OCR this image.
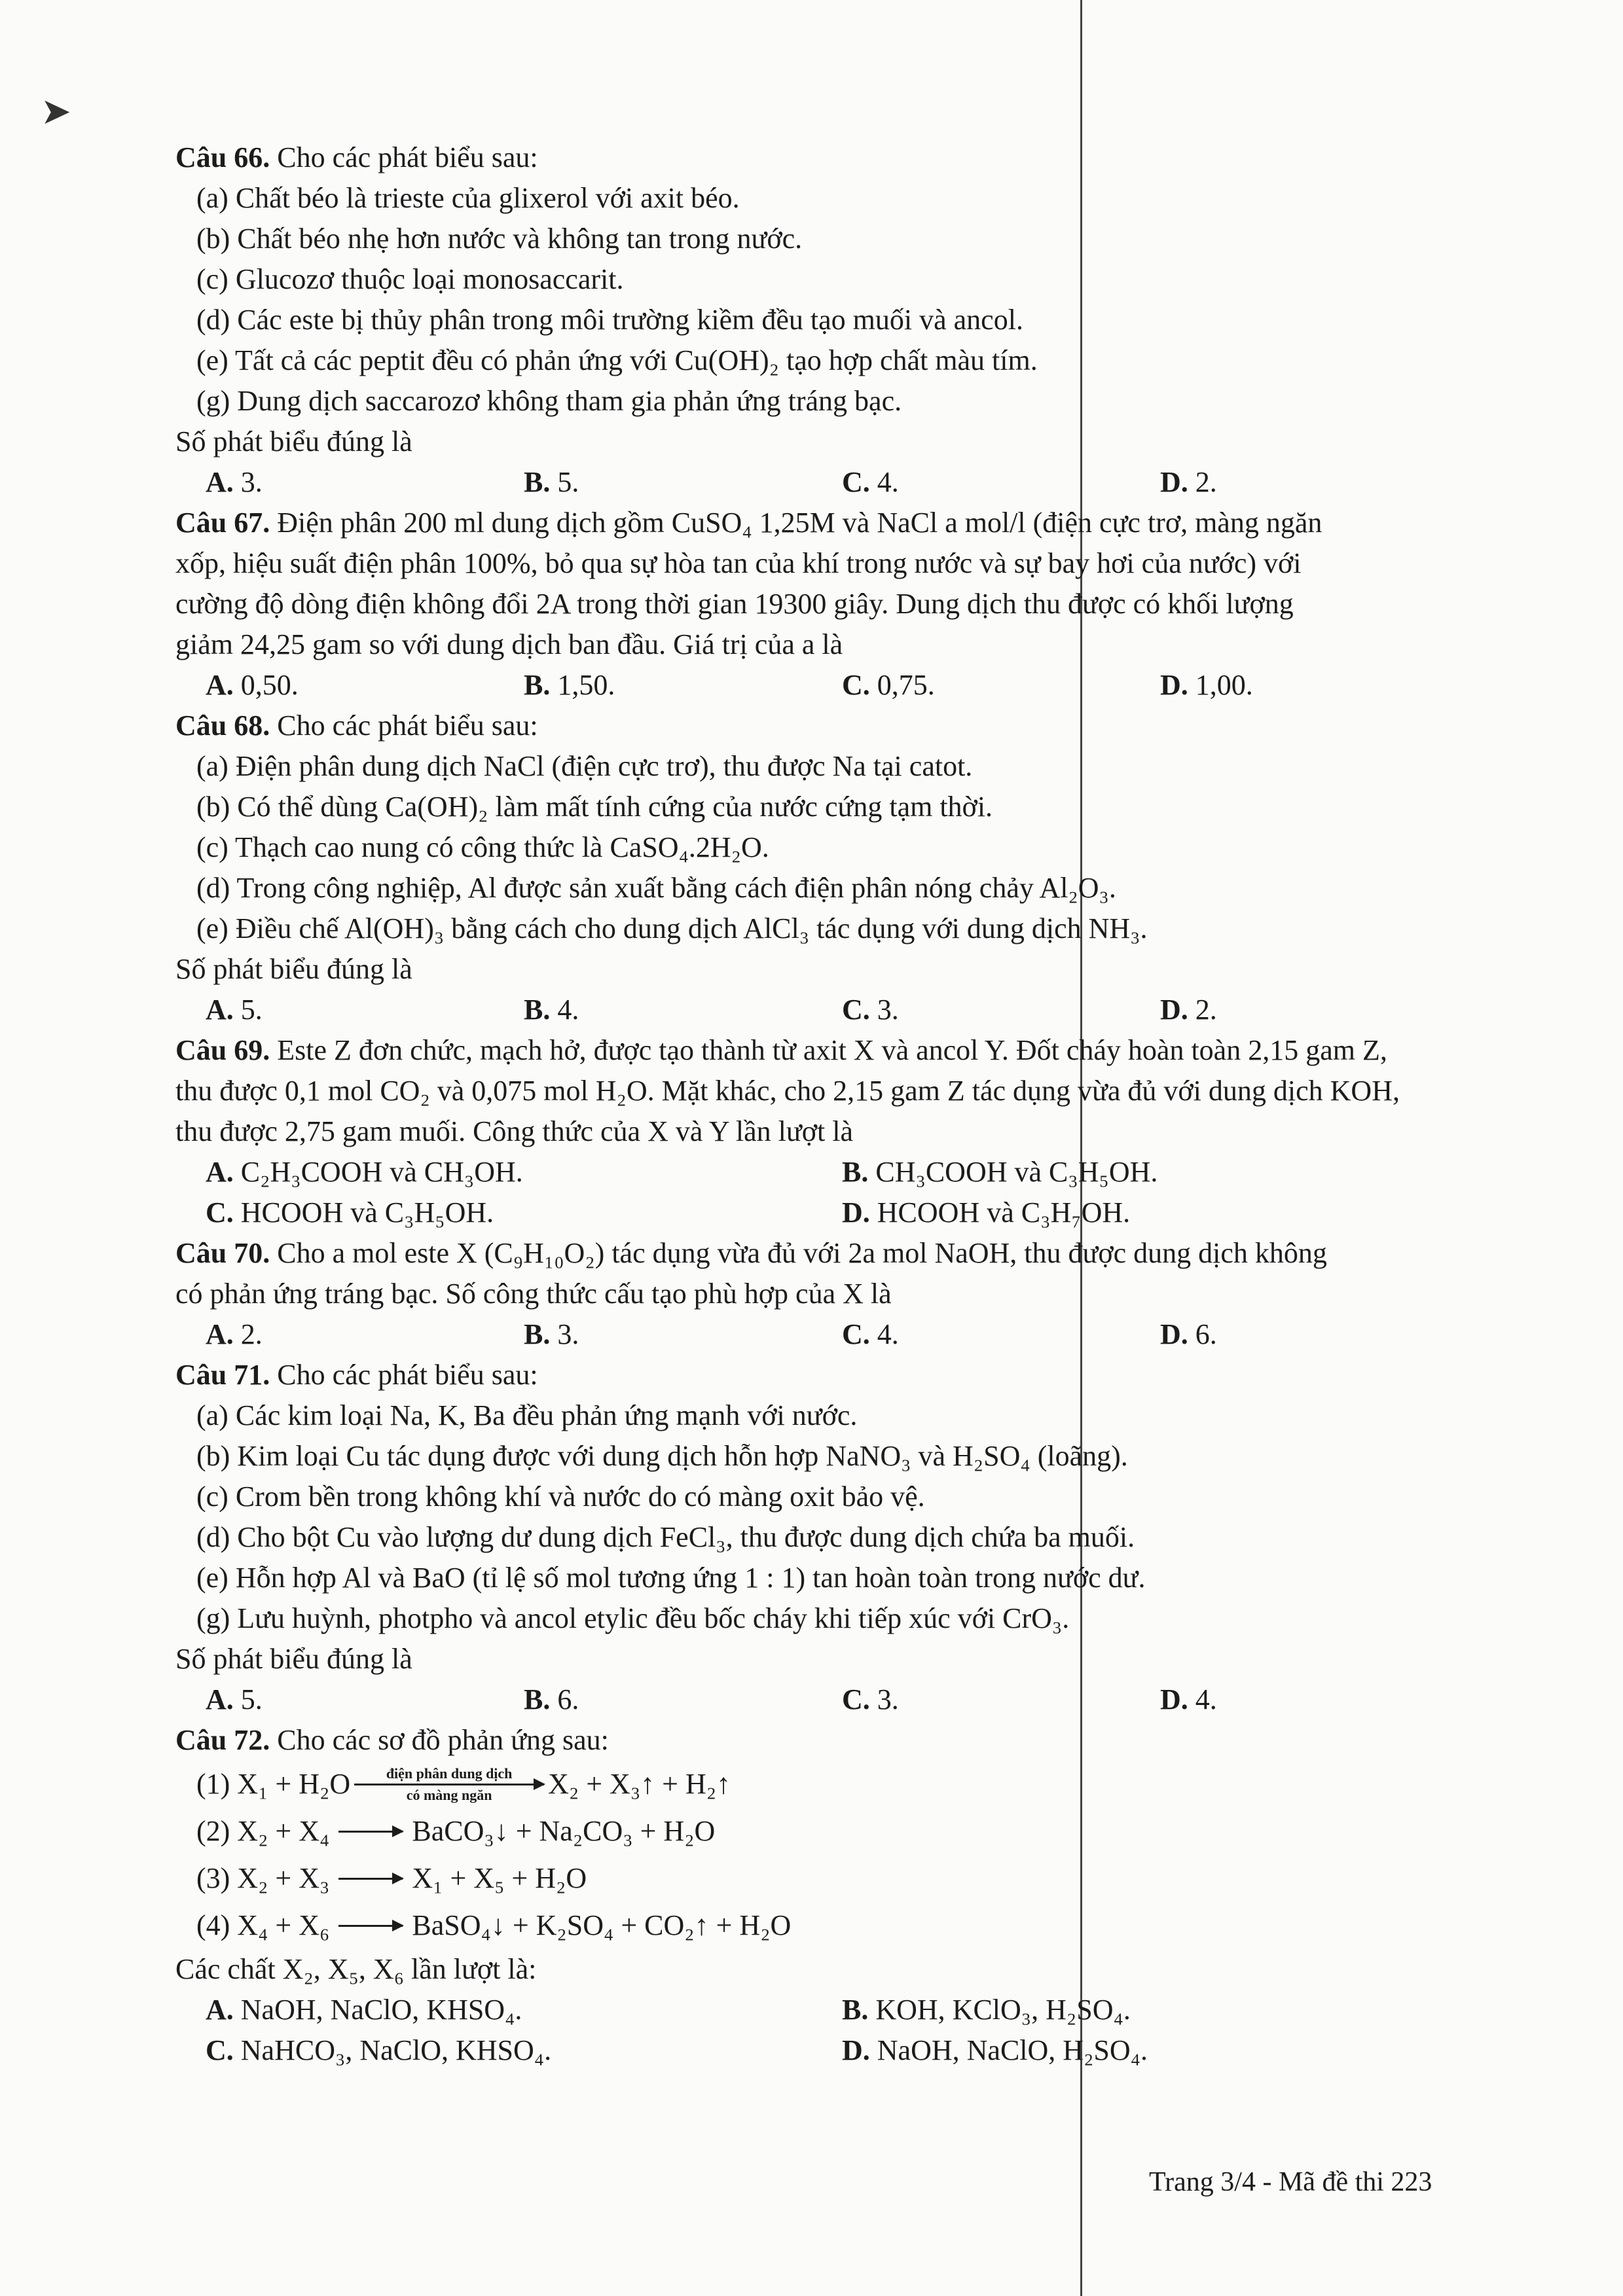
➤
Câu 66. Cho các phát biểu sau:
(a) Chất béo là trieste của glixerol với axit béo.
(b) Chất béo nhẹ hơn nước và không tan trong nước.
(c) Glucozơ thuộc loại monosaccarit.
(d) Các este bị thủy phân trong môi trường kiềm đều tạo muối và ancol.
(e) Tất cả các peptit đều có phản ứng với Cu(OH)₂ tạo hợp chất màu tím.
(g) Dung dịch saccarozơ không tham gia phản ứng tráng bạc.
Số phát biểu đúng là
A. 3.	B. 5.	C. 4.	D. 2.
Câu 67. Điện phân 200 ml dung dịch gồm CuSO₄ 1,25M và NaCl a mol/l (điện cực trơ, màng ngăn
xốp, hiệu suất điện phân 100%, bỏ qua sự hòa tan của khí trong nước và sự bay hơi của nước) với
cường độ dòng điện không đổi 2A trong thời gian 19300 giây. Dung dịch thu được có khối lượng
giảm 24,25 gam so với dung dịch ban đầu. Giá trị của a là
A. 0,50.	B. 1,50.	C. 0,75.	D. 1,00.
Câu 68. Cho các phát biểu sau:
(a) Điện phân dung dịch NaCl (điện cực trơ), thu được Na tại catot.
(b) Có thể dùng Ca(OH)₂ làm mất tính cứng của nước cứng tạm thời.
(c) Thạch cao nung có công thức là CaSO₄.2H₂O.
(d) Trong công nghiệp, Al được sản xuất bằng cách điện phân nóng chảy Al₂O₃.
(e) Điều chế Al(OH)₃ bằng cách cho dung dịch AlCl₃ tác dụng với dung dịch NH₃.
Số phát biểu đúng là
A. 5.	B. 4.	C. 3.	D. 2.
Câu 69. Este Z đơn chức, mạch hở, được tạo thành từ axit X và ancol Y. Đốt cháy hoàn toàn 2,15 gam Z,
thu được 0,1 mol CO₂ và 0,075 mol H₂O. Mặt khác, cho 2,15 gam Z tác dụng vừa đủ với dung dịch KOH,
thu được 2,75 gam muối. Công thức của X và Y lần lượt là
A. C₂H₃COOH và CH₃OH.	B. CH₃COOH và C₃H₅OH.
C. HCOOH và C₃H₅OH.	D. HCOOH và C₃H₇OH.
Câu 70. Cho a mol este X (C₉H₁₀O₂) tác dụng vừa đủ với 2a mol NaOH, thu được dung dịch không
có phản ứng tráng bạc. Số công thức cấu tạo phù hợp của X là
A. 2.	B. 3.	C. 4.	D. 6.
Câu 71. Cho các phát biểu sau:
(a) Các kim loại Na, K, Ba đều phản ứng mạnh với nước.
(b) Kim loại Cu tác dụng được với dung dịch hỗn hợp NaNO₃ và H₂SO₄ (loãng).
(c) Crom bền trong không khí và nước do có màng oxit bảo vệ.
(d) Cho bột Cu vào lượng dư dung dịch FeCl₃, thu được dung dịch chứa ba muối.
(e) Hỗn hợp Al và BaO (tỉ lệ số mol tương ứng 1 : 1) tan hoàn toàn trong nước dư.
(g) Lưu huỳnh, photpho và ancol etylic đều bốc cháy khi tiếp xúc với CrO₃.
Số phát biểu đúng là
A. 5.	B. 6.	C. 3.	D. 4.
Câu 72. Cho các sơ đồ phản ứng sau:
(1) X₁ + H₂O	điện phân dung dịch
có màng ngăn	X₂ + X₃↑ + H₂↑
(2) X₂ + X₄ → BaCO₃↓ + Na₂CO₃ + H₂O
(3) X₂ + X₃ → X₁ + X₅ + H₂O
(4) X₄ + X₆ → BaSO₄↓ + K₂SO₄ + CO₂↑ + H₂O
Các chất X₂, X₅, X₆ lần lượt là:
A. NaOH, NaClO, KHSO₄.	B. KOH, KClO₃, H₂SO₄.
C. NaHCO₃, NaClO, KHSO₄.	D. NaOH, NaClO, H₂SO₄.
Trang 3/4 - Mã đề thi 223
